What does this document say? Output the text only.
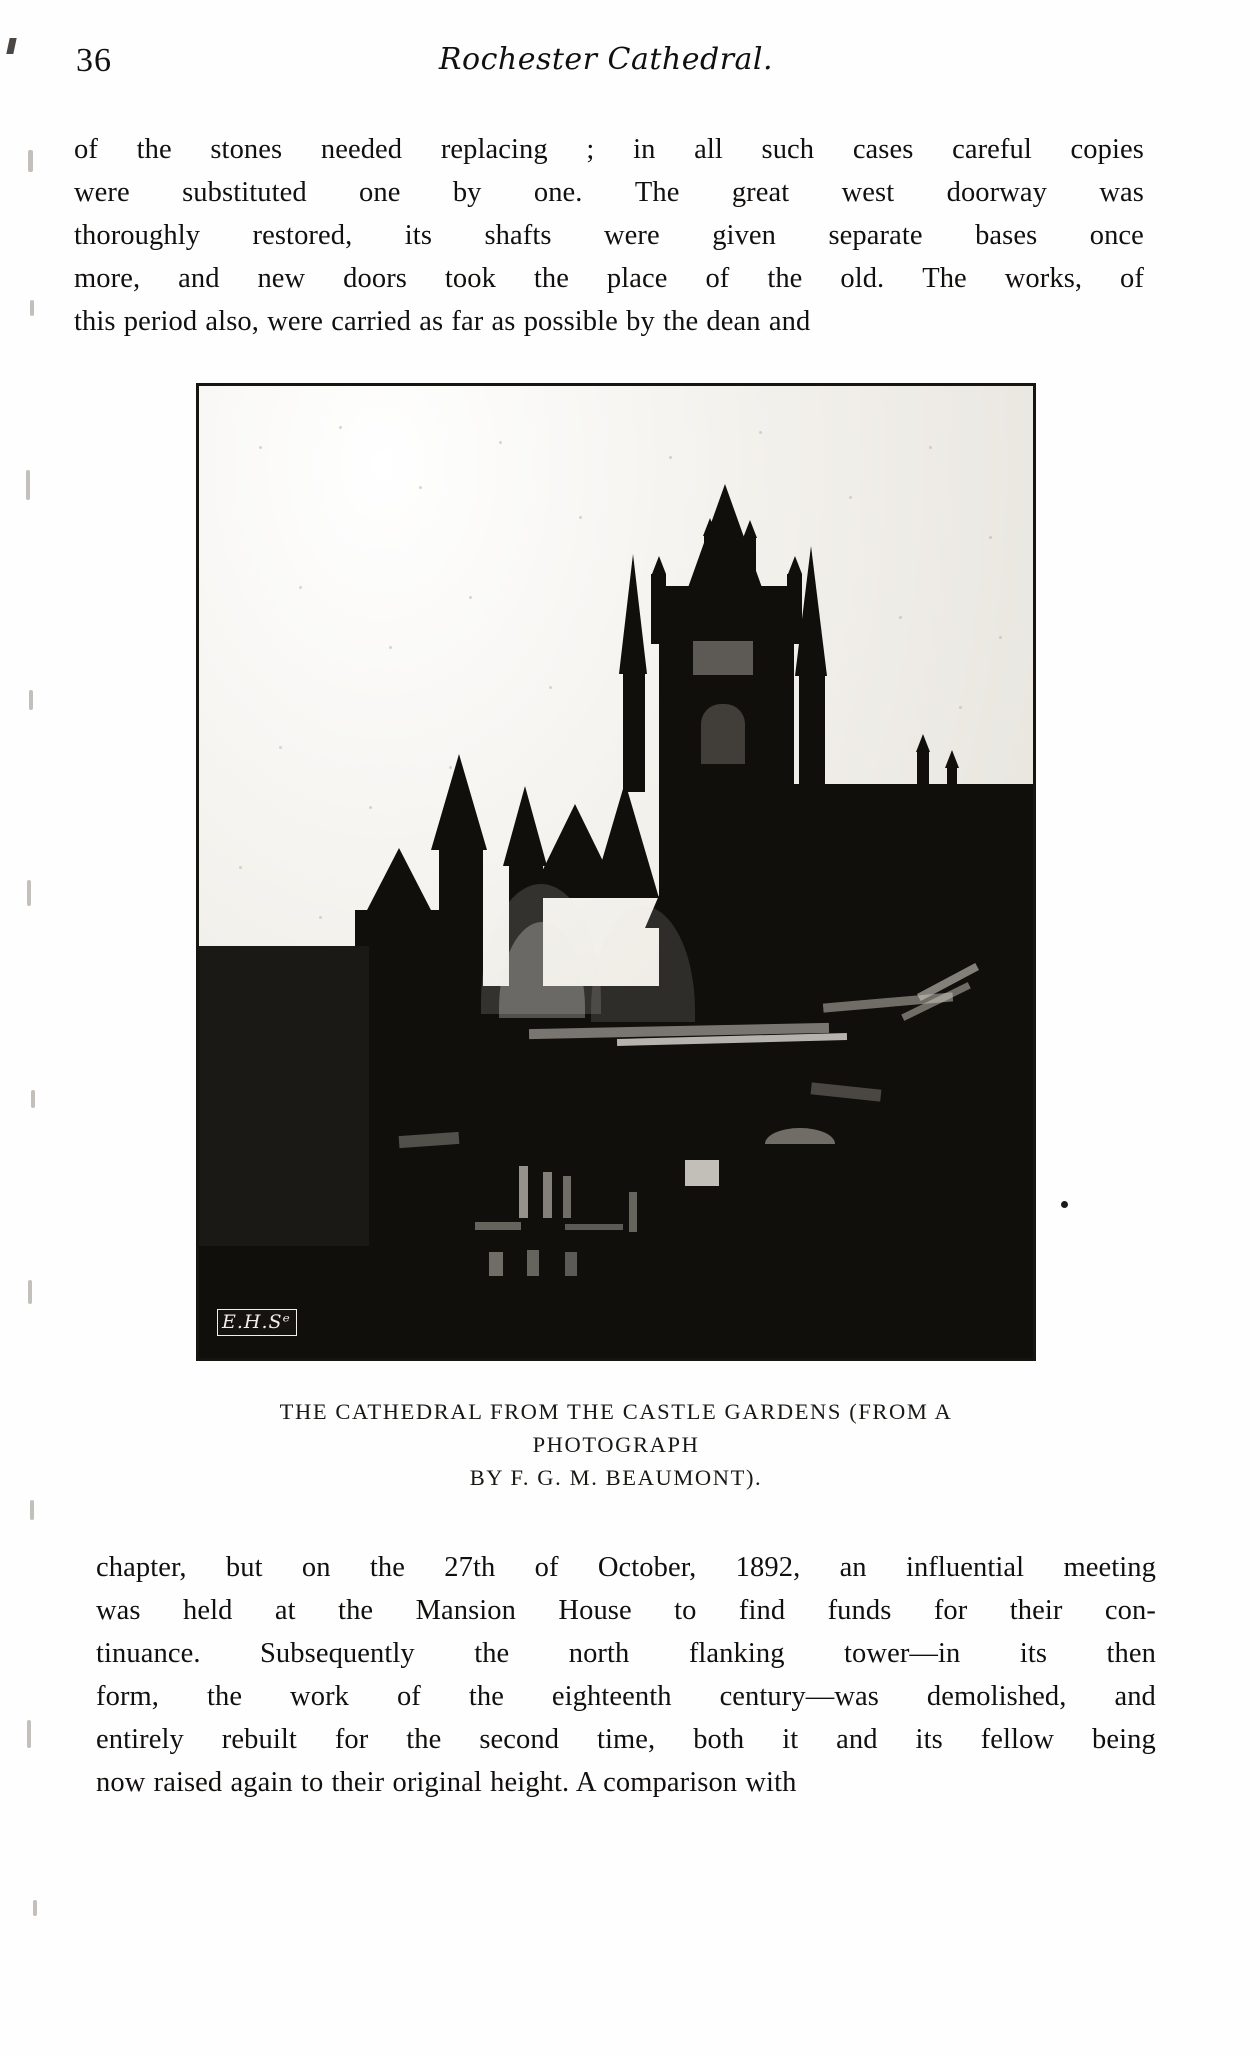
36	Rochester Cathedral.
of the stones needed replacing ; in all such cases careful copies
were substituted one by one. The great west doorway was
thoroughly restored, its shafts were given separate bases once
more, and new doors took the place of the old. The works, of
this period also, were carried as far as possible by the dean and
E.H.Sᵉ
THE CATHEDRAL FROM THE CASTLE GARDENS (FROM A PHOTOGRAPH
BY F. G. M. BEAUMONT).
chapter, but on the 27th of October, 1892, an influential meeting
was held at the Mansion House to find funds for their con-
tinuance. Subsequently the north flanking tower—in its then
form, the work of the eighteenth century—was demolished, and
entirely rebuilt for the second time, both it and its fellow being
now raised again to their original height. A comparison with
